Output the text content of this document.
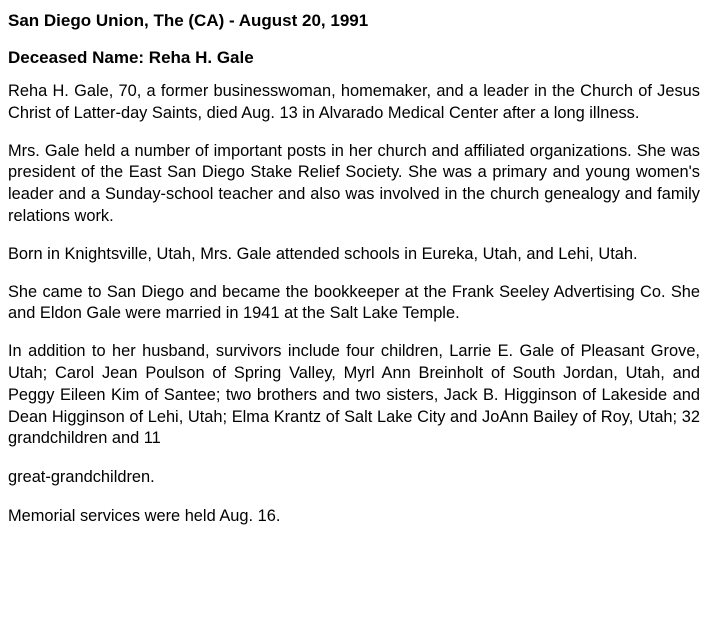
San Diego Union, The (CA) - August 20, 1991
Deceased Name: Reha H. Gale

Reha H. Gale, 70, a former businesswoman, homemaker, and a leader in the Church of Jesus Christ of Latter-day Saints, died Aug. 13 in Alvarado Medical Center after a long illness.

Mrs. Gale held a number of important posts in her church and affiliated organizations. She was president of the East San Diego Stake Relief Society. She was a primary and young women's leader and a Sunday-school teacher and also was involved in the church genealogy and family relations work.

Born in Knightsville, Utah, Mrs. Gale attended schools in Eureka, Utah, and Lehi, Utah.

She came to San Diego and became the bookkeeper at the Frank Seeley Advertising Co. She and Eldon Gale were married in 1941 at the Salt Lake Temple.

In addition to her husband, survivors include four children, Larrie E. Gale of Pleasant Grove, Utah; Carol Jean Poulson of Spring Valley, Myrl Ann Breinholt of South Jordan, Utah, and Peggy Eileen Kim of Santee; two brothers and two sisters, Jack B. Higginson of Lakeside and Dean Higginson of Lehi, Utah; Elma Krantz of Salt Lake City and JoAnn Bailey of Roy, Utah; 32 grandchildren and 11

great-grandchildren.

Memorial services were held Aug. 16.
